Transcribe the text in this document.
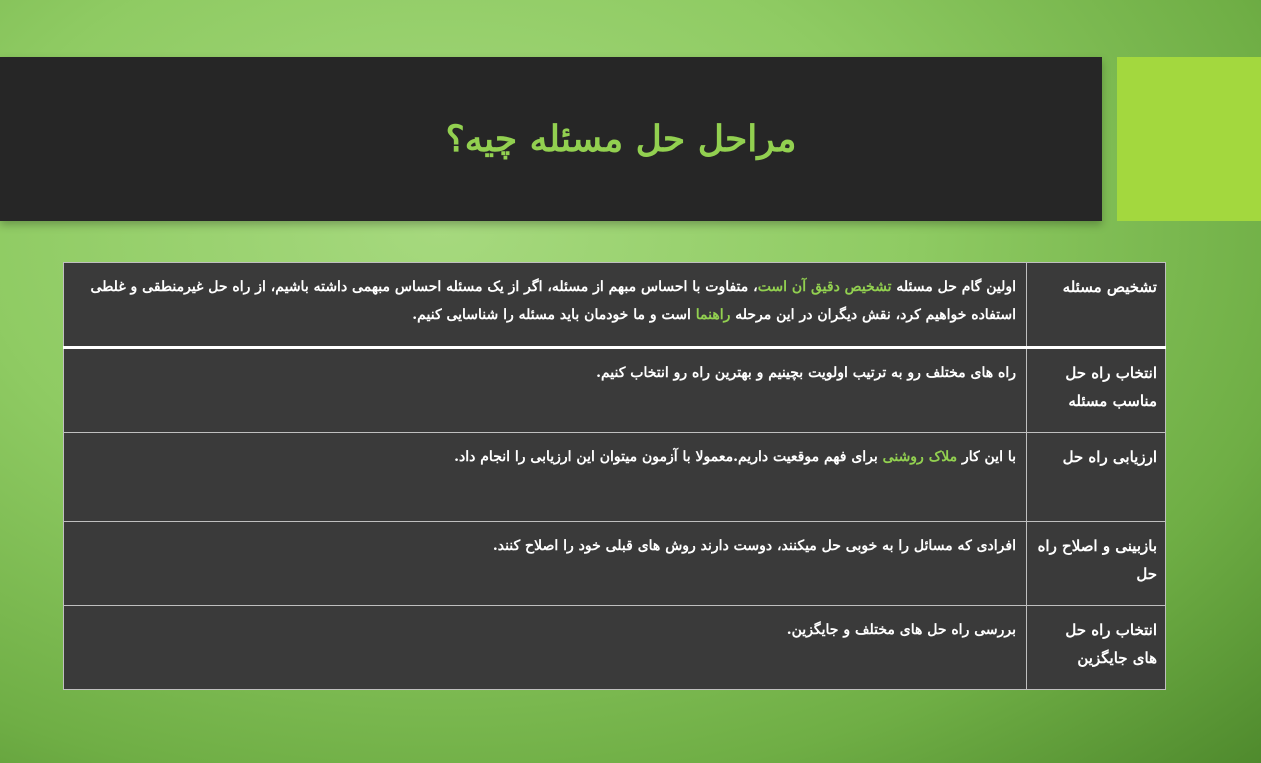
مراحل حل مسئله چیه؟
تشخیص مسئله	اولین گام حل مسئله تشخیص دقیق آن است، متفاوت با احساس مبهم از مسئله، اگر از یک مسئله احساس مبهمی داشته باشیم، از راه حل غیرمنطقی و غلطی استفاده خواهیم کرد، نقش دیگران در این مرحله راهنما است و ما خودمان باید مسئله را شناسایی کنیم.
انتخاب راه حل مناسب مسئله	راه های مختلف رو به ترتیب اولویت بچینیم و بهترین راه رو انتخاب کنیم.
ارزیابی راه حل	با این کار ملاک روشنی برای فهم موقعیت داریم.معمولا با آزمون میتوان این ارزیابی را انجام داد.
بازبینی و اصلاح راه حل	افرادی که مسائل را به خوبی حل میکنند، دوست دارند روش های قبلی خود را اصلاح کنند.
انتخاب راه حل های جایگزین	بررسی راه حل های مختلف و جایگزین.
